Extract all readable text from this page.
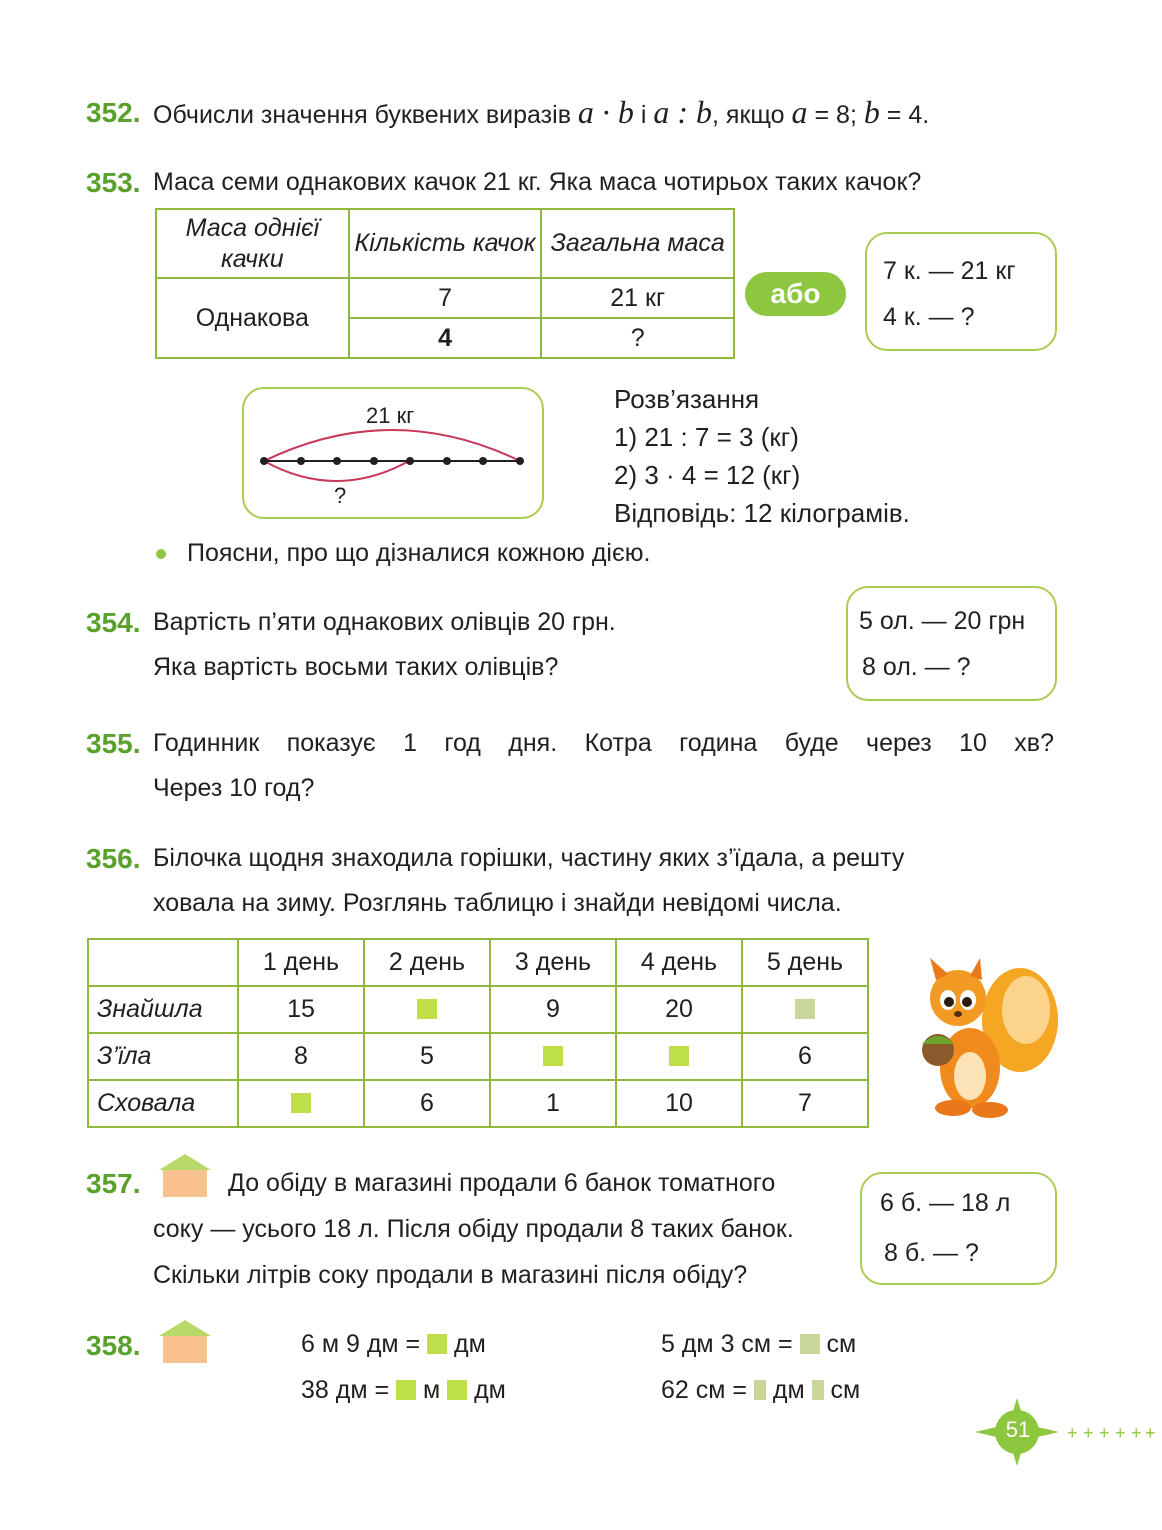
352. Обчисли значення буквених виразів a · b і a : b, якщо a = 8; b = 4.
353. Маса семи однакових качок 21 кг. Яка маса чотирьох таких качок?
Маса однієї качки	Кількість качок	Загальна маса
Однакова	7	21 кг
	4	?
або
7 к. — 21 кг
4 к. — ?
21 кг
?
Розв’язання
1) 21 : 7 = 3 (кг)
2) 3 · 4 = 12 (кг)
Відповідь: 12 кілограмів.
Поясни, про що дізналися кожною дією.
354. Вартість п’яти однакових олівців 20 грн.
Яка вартість восьми таких олівців?
5 ол. — 20 грн
8 ол. — ?
355. Годинник показує 1 год дня. Котра година буде через 10 хв?
Через 10 год?
356. Білочка щодня знаходила горішки, частину яких з’їдала, а решту
ховала на зиму. Розглянь таблицю і знайди невідомі числа.
	1 день	2 день	3 день	4 день	5 день
Знайшла	15		9	20	
З’їла	8	5			6
Сховала		6	1	10	7
357.	До обіду в магазині продали 6 банок томатного
соку — усього 18 л. Після обіду продали 8 таких банок.
Скільки літрів соку продали в магазині після обіду?
6 б. — 18 л
8 б. — ?
358.	6 м 9 дм =  дм
38 дм =  м  дм
5 дм 3 см =  см
62 см =  дм  см
+ + + + + +
51
